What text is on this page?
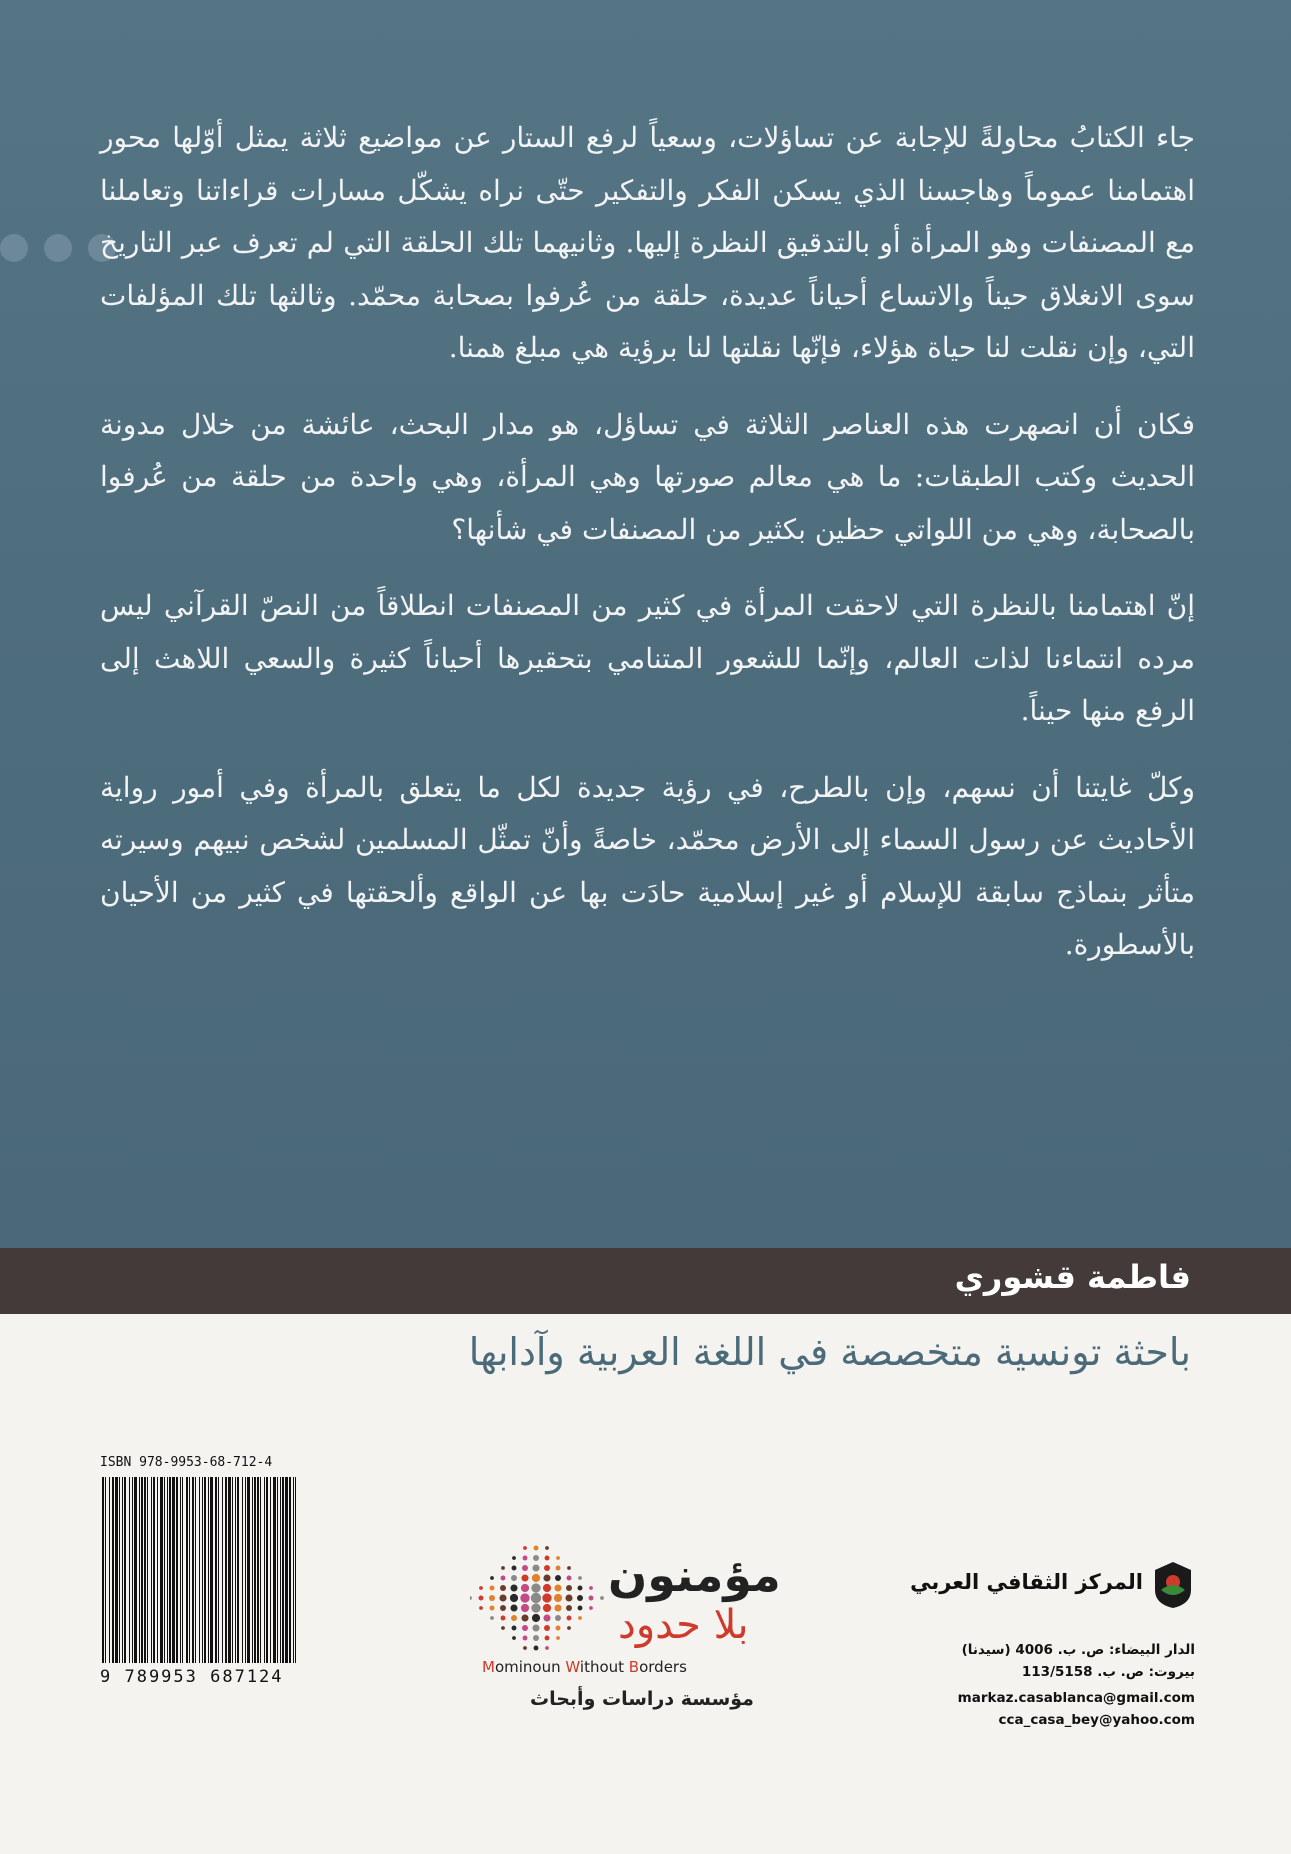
جاء الكتابُ محاولةً للإجابة عن تساؤلات، وسعياً لرفع الستار عن مواضيع ثلاثة يمثل أوّلها محور اهتمامنا عموماً وهاجسنا الذي يسكن الفكر والتفكير حتّى نراه يشكّل مسارات قراءاتنا وتعاملنا مع المصنفات وهو المرأة أو بالتدقيق النظرة إليها. وثانيهما تلك الحلقة التي لم تعرف عبر التاريخ سوى الانغلاق حيناً والاتساع أحياناً عديدة، حلقة من عُرفوا بصحابة محمّد. وثالثها تلك المؤلفات التي، وإن نقلت لنا حياة هؤلاء، فإنّها نقلتها لنا برؤية هي مبلغ همنا.

فكان أن انصهرت هذه العناصر الثلاثة في تساؤل، هو مدار البحث، عائشة من خلال مدونة الحديث وكتب الطبقات: ما هي معالم صورتها وهي المرأة، وهي واحدة من حلقة من عُرفوا بالصحابة، وهي من اللواتي حظين بكثير من المصنفات في شأنها؟

إنّ اهتمامنا بالنظرة التي لاحقت المرأة في كثير من المصنفات انطلاقاً من النصّ القرآني ليس مرده انتماءنا لذات العالم، وإنّما للشعور المتنامي بتحقيرها أحياناً كثيرة والسعي اللاهث إلى الرفع منها حيناً.

وكلّ غايتنا أن نسهم، وإن بالطرح، في رؤية جديدة لكل ما يتعلق بالمرأة وفي أمور رواية الأحاديث عن رسول السماء إلى الأرض محمّد، خاصةً وأنّ تمثّل المسلمين لشخص نبيهم وسيرته متأثر بنماذج سابقة للإسلام أو غير إسلامية حادَت بها عن الواقع وألحقتها في كثير من الأحيان بالأسطورة.

فاطمة قشوري
باحثة تونسية متخصصة في اللغة العربية وآدابها
ISBN 978-9953-68-712-4
9 789953 687124
مؤمنون
بلا حدود
Mominoun Without Borders
مؤسسة دراسات وأبحاث
المركز الثقافي العربي
الدار البيضاء: ص. ب. 4006 (سيدنا)
بيروت: ص. ب. 113/5158
markaz.casablanca@gmail.com
cca_casa_bey@yahoo.com
